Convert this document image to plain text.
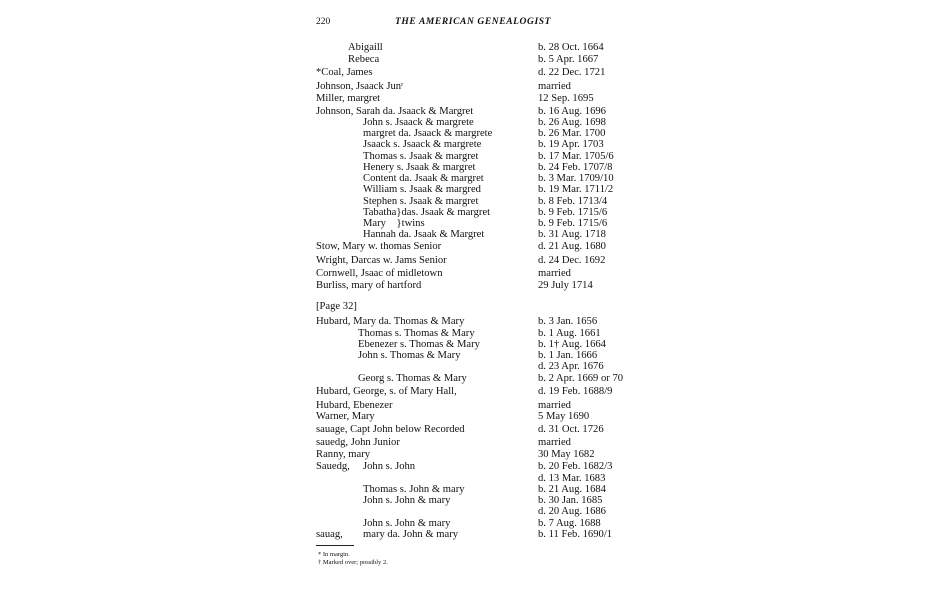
220	THE AMERICAN GENEALOGIST
Abigaill	b. 28 Oct. 1664
Rebeca	b. 5 Apr. 1667
*Coal, James	d. 22 Dec. 1721
Johnson, Jsaack Junʳ	married
Miller, margret	12 Sep. 1695
Johnson, Sarah da. Jsaack & Margret	b. 16 Aug. 1696
John s. Jsaack & margrete	b. 26 Aug. 1698
margret da. Jsaack & margrete	b. 26 Mar. 1700
Jsaack s. Jsaack & margrete	b. 19 Apr. 1703
Thomas s. Jsaak & margret	b. 17 Mar. 1705/6
Henery s. Jsaak & margret	b. 24 Feb. 1707/8
Content da. Jsaak & margret	b. 3 Mar. 1709/10
William s. Jsaak & margred	b. 19 Mar. 1711/2
Stephen s. Jsaak & margret	b. 8 Feb. 1713/4
Tabatha}das. Jsaak & margret	b. 9 Feb. 1715/6
Mary    }twins	b. 9 Feb. 1715/6
Hannah da. Jsaak & Margret	b. 31 Aug. 1718
Stow, Mary w. thomas Senior	d. 21 Aug. 1680
Wright, Darcas w. Jams Senior	d. 24 Dec. 1692
Cornwell, Jsaac of midletown	married
Burliss, mary of hartford	29 July 1714
[Page 32]
Hubard, Mary da. Thomas & Mary	b. 3 Jan. 1656
Thomas s. Thomas & Mary	b. 1 Aug. 1661
Ebenezer s. Thomas & Mary	b. 1† Aug. 1664
John s. Thomas & Mary	b. 1 Jan. 1666
d. 23 Apr. 1676
Georg s. Thomas & Mary	b. 2 Apr. 1669 or 70
Hubard, George, s. of Mary Hall,	d. 19 Feb. 1688/9
Hubard, Ebenezer	married
Warner, Mary	5 May 1690
sauage, Capt John below Recorded	d. 31 Oct. 1726
sauedg, John Junior	married
Ranny, mary	30 May 1682
Sauedg, John s. John	b. 20 Feb. 1682/3
d. 13 Mar. 1683
Thomas s. John & mary	b. 21 Aug. 1684
John s. John & mary	b. 30 Jan. 1685
d. 20 Aug. 1686
John s. John & mary	b. 7 Aug. 1688
sauag, mary da. John & mary	b. 11 Feb. 1690/1
* In margin.
† Marked over; possibly 2.
